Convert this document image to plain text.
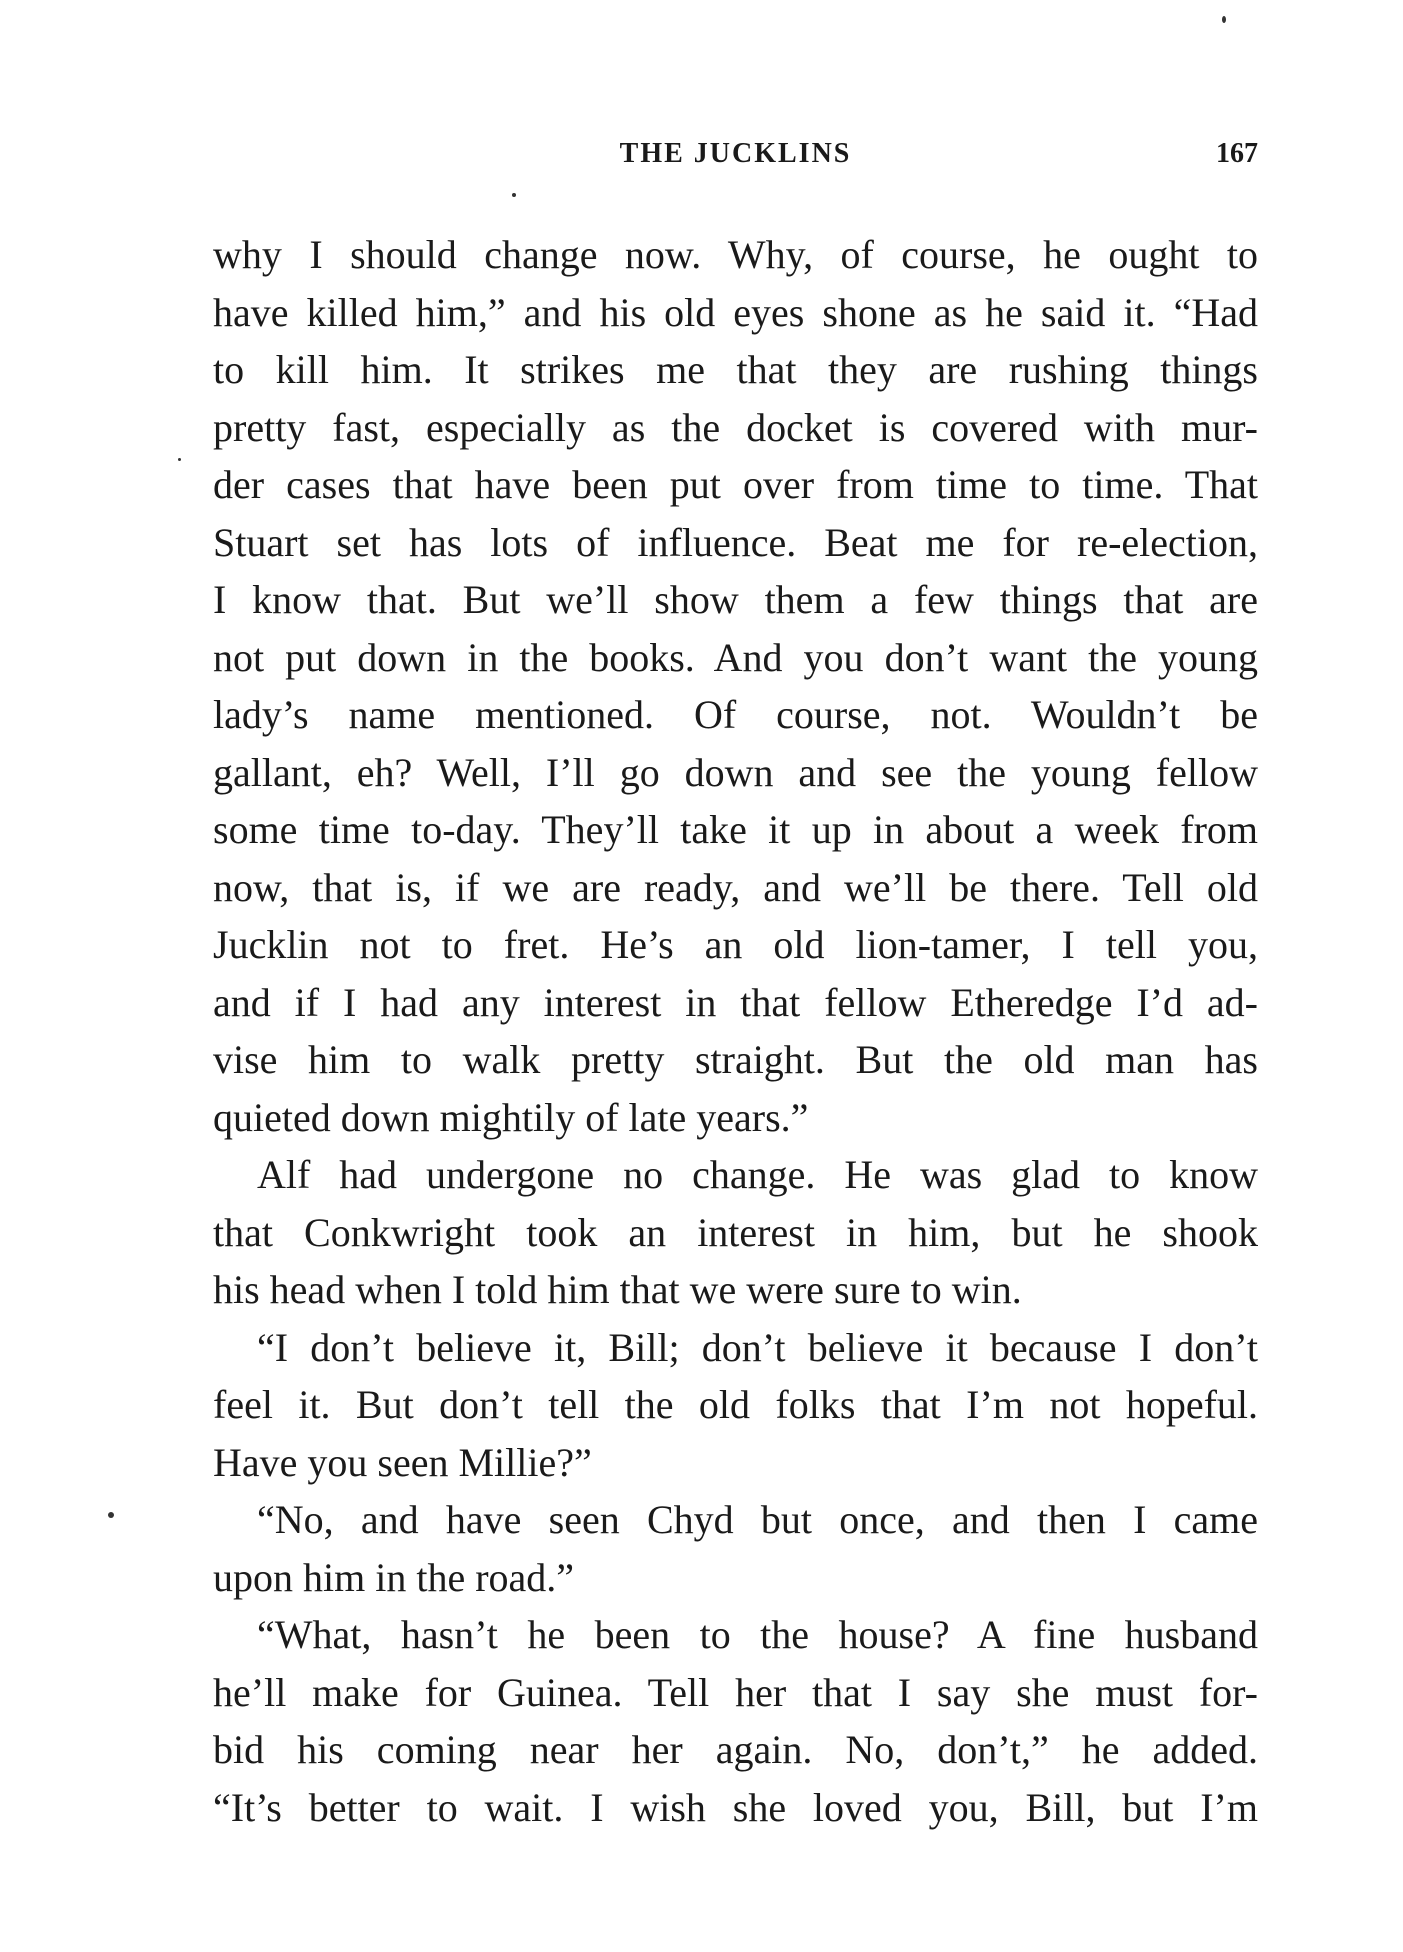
THE JUCKLINS	167
why I should change now. Why, of course, he ought to
have killed him,” and his old eyes shone as he said it. “Had
to kill him. It strikes me that they are rushing things
pretty fast, especially as the docket is covered with mur-
der cases that have been put over from time to time. That
Stuart set has lots of influence. Beat me for re-election,
I know that. But we’ll show them a few things that are
not put down in the books. And you don’t want the young
lady’s name mentioned. Of course, not. Wouldn’t be
gallant, eh? Well, I’ll go down and see the young fellow
some time to-day. They’ll take it up in about a week from
now, that is, if we are ready, and we’ll be there. Tell old
Jucklin not to fret. He’s an old lion-tamer, I tell you,
and if I had any interest in that fellow Etheredge I’d ad-
vise him to walk pretty straight. But the old man has
quieted down mightily of late years.”
Alf had undergone no change. He was glad to know
that Conkwright took an interest in him, but he shook
his head when I told him that we were sure to win.
“I don’t believe it, Bill; don’t believe it because I don’t
feel it. But don’t tell the old folks that I’m not hopeful.
Have you seen Millie?”
“No, and have seen Chyd but once, and then I came
upon him in the road.”
“What, hasn’t he been to the house? A fine husband
he’ll make for Guinea. Tell her that I say she must for-
bid his coming near her again. No, don’t,” he added.
“It’s better to wait. I wish she loved you, Bill, but I’m
